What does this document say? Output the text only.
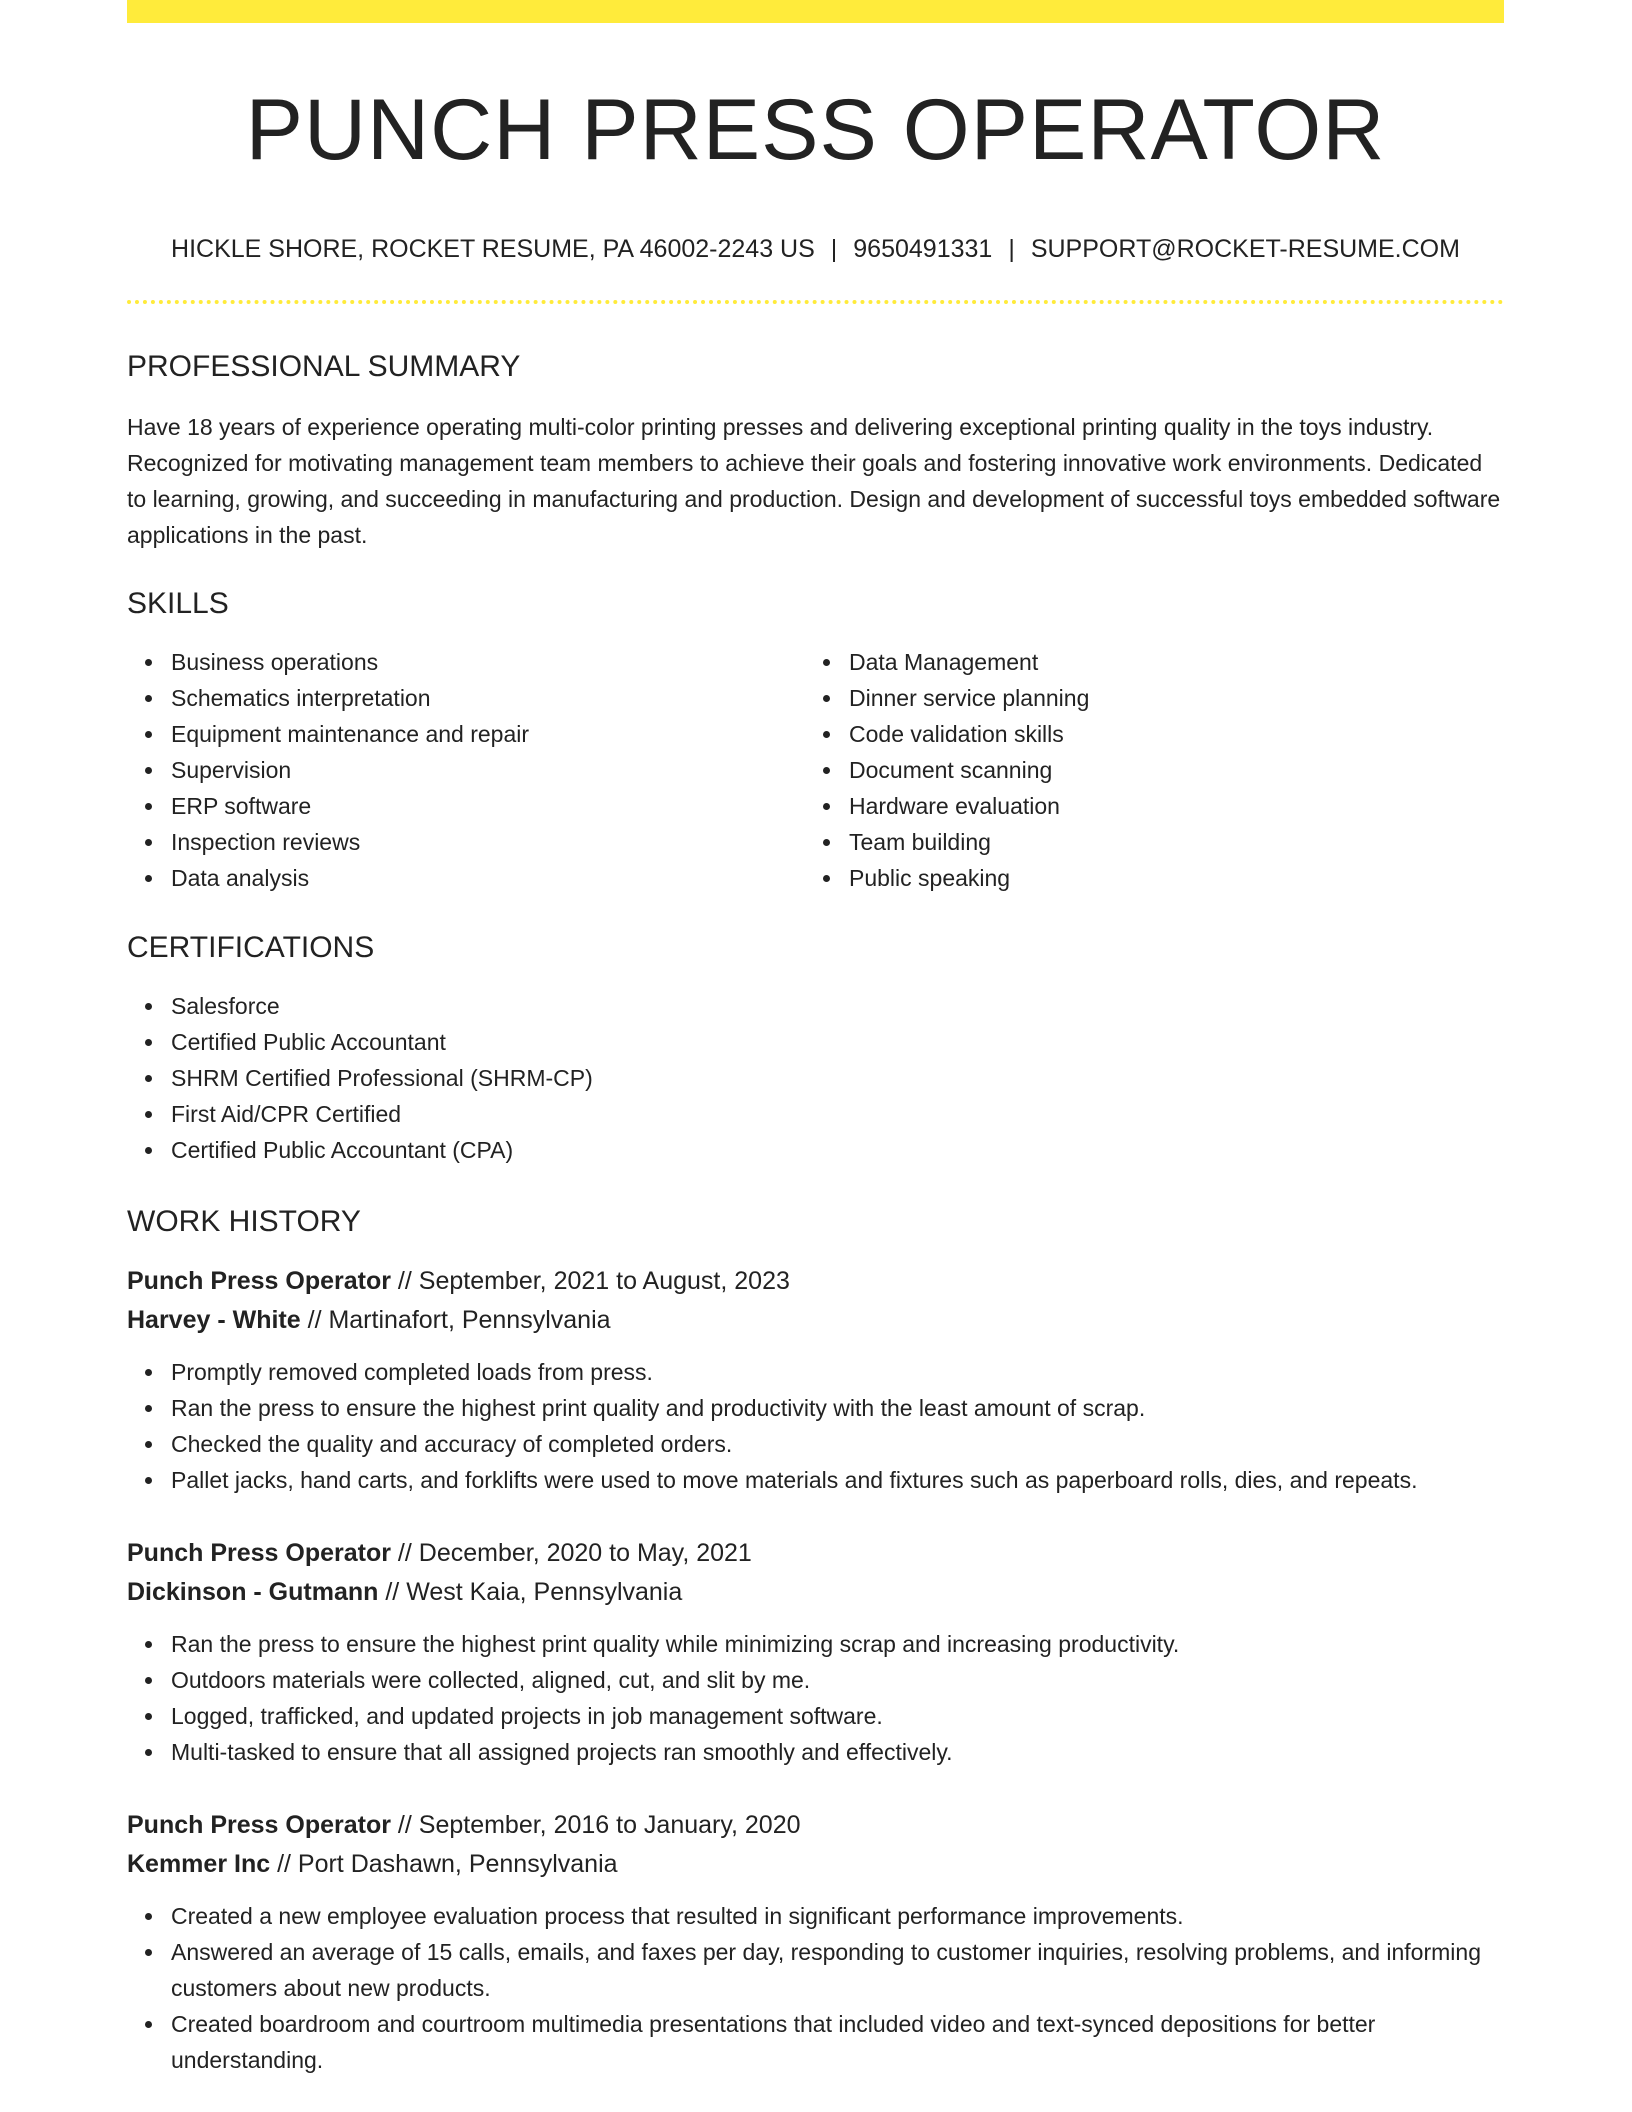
PUNCH PRESS OPERATOR
HICKLE SHORE, ROCKET RESUME, PA 46002-2243 US | 9650491331 | SUPPORT@ROCKET-RESUME.COM
PROFESSIONAL SUMMARY

Have 18 years of experience operating multi-color printing presses and delivering exceptional printing quality in the toys industry. Recognized for motivating management team members to achieve their goals and fostering innovative work environments. Dedicated to learning, growing, and succeeding in manufacturing and production. Design and development of successful toys embedded software applications in the past.

SKILLS
Business operations
Schematics interpretation
Equipment maintenance and repair
Supervision
ERP software
Inspection reviews
Data analysis
Data Management
Dinner service planning
Code validation skills
Document scanning
Hardware evaluation
Team building
Public speaking
CERTIFICATIONS
Salesforce
Certified Public Accountant
SHRM Certified Professional (SHRM-CP)
First Aid/CPR Certified
Certified Public Accountant (CPA)
WORK HISTORY
Punch Press Operator // September, 2021 to August, 2023
Harvey - White // Martinafort, Pennsylvania
Promptly removed completed loads from press.
Ran the press to ensure the highest print quality and productivity with the least amount of scrap.
Checked the quality and accuracy of completed orders.
Pallet jacks, hand carts, and forklifts were used to move materials and fixtures such as paperboard rolls, dies, and repeats.
Punch Press Operator // December, 2020 to May, 2021
Dickinson - Gutmann // West Kaia, Pennsylvania
Ran the press to ensure the highest print quality while minimizing scrap and increasing productivity.
Outdoors materials were collected, aligned, cut, and slit by me.
Logged, trafficked, and updated projects in job management software.
Multi-tasked to ensure that all assigned projects ran smoothly and effectively.
Punch Press Operator // September, 2016 to January, 2020
Kemmer Inc // Port Dashawn, Pennsylvania
Created a new employee evaluation process that resulted in significant performance improvements.
Answered an average of 15 calls, emails, and faxes per day, responding to customer inquiries, resolving problems, and informing customers about new products.
Created boardroom and courtroom multimedia presentations that included video and text-synced depositions for better understanding.
